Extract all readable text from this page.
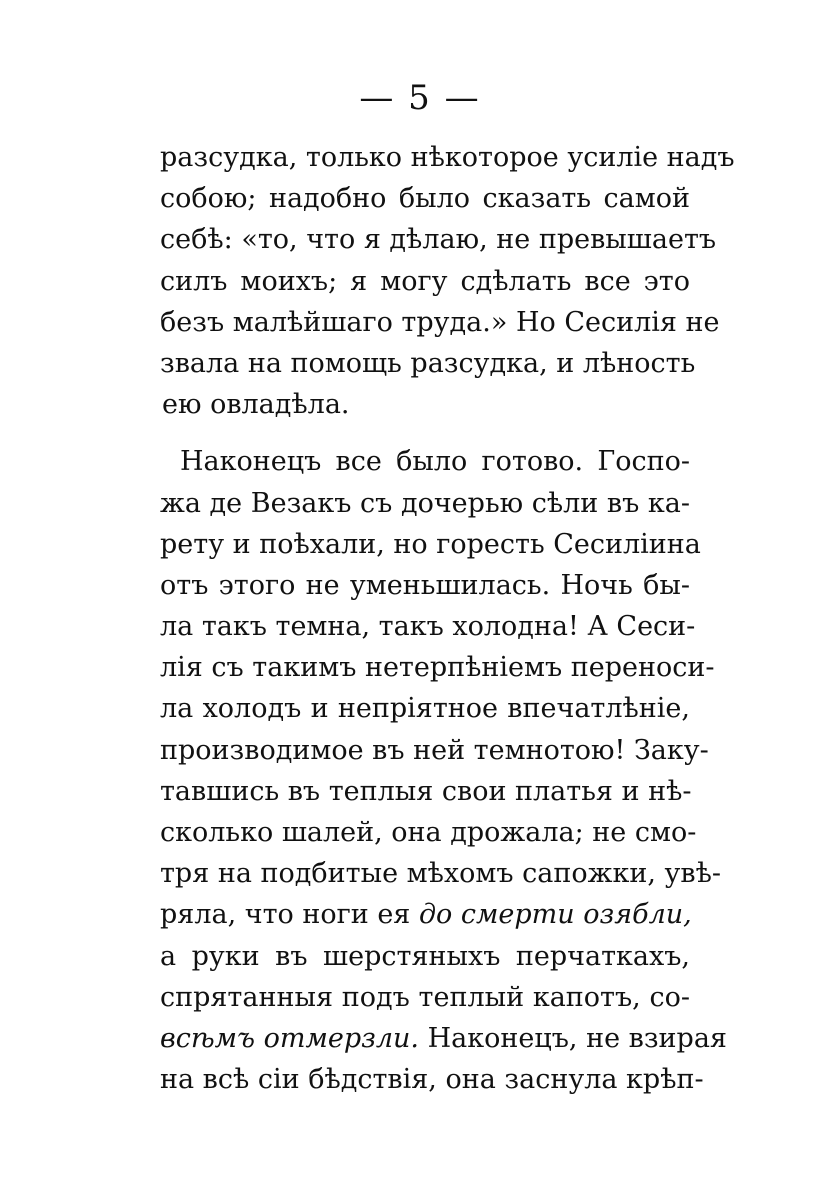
— 5 —
разсудка, только нѣкоторое усиліе надъ
собою; надобно было сказать самой
себѣ: «то, что я дѣлаю, не превышаетъ
силъ моихъ; я могу сдѣлать все это
безъ малѣйшаго труда.» Но Сесилія не
звала на помощь разсудка, и лѣность
ею овладѣла.
Наконецъ все было готово. Госпо-
жа де Везакъ съ дочерью сѣли въ ка-
рету и поѣхали, но горесть Сесиліина
отъ этого не уменьшилась. Ночь бы-
ла такъ темна, такъ холодна! А Сеси-
лія съ такимъ нетерпѣніемъ переноси-
ла холодъ и непріятное впечатлѣніе,
производимое въ ней темнотою! Заку-
тавшись въ теплыя свои платья и нѣ-
сколько шалей, она дрожала; не смо-
тря на подбитые мѣхомъ сапожки, увѣ-
ряла, что ноги ея до смерти озябли,
а руки въ шерстяныхъ перчаткахъ,
спрятанныя подъ теплый капотъ, со-
всѣмъ отмерзли. Наконецъ, не взирая
на всѣ сіи бѣдствія, она заснула крѣп-
